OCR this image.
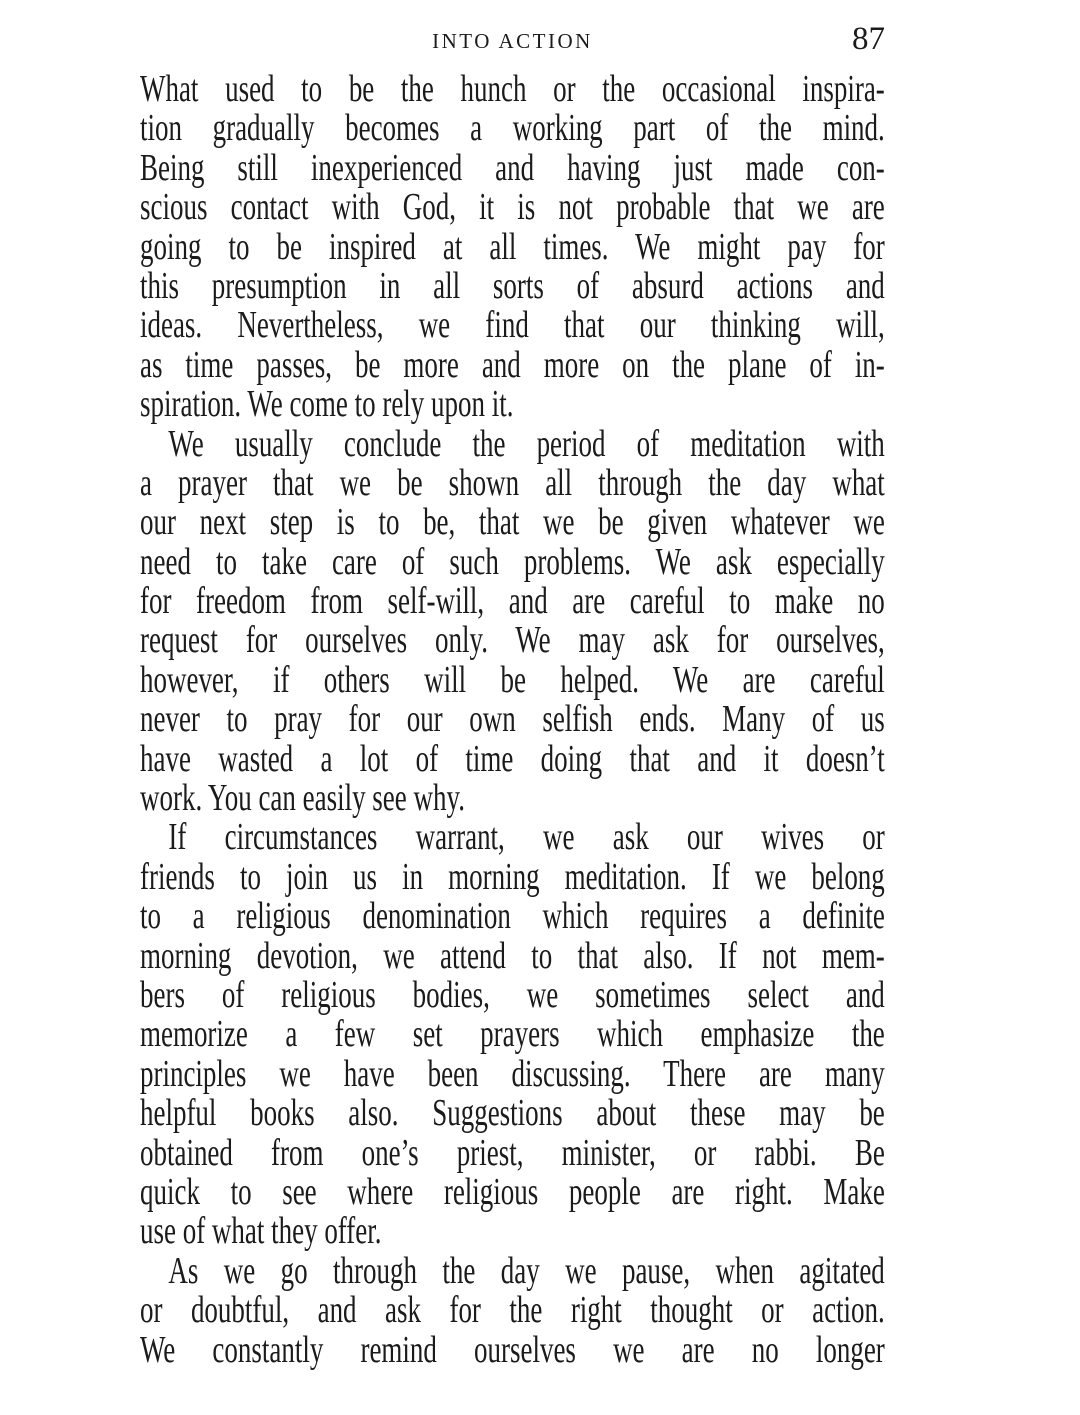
INTO ACTION	87
What used to be the hunch or the occasional inspira-
tion gradually becomes a working part of the mind.
Being still inexperienced and having just made con-
scious contact with God, it is not probable that we are
going to be inspired at all times. We might pay for
this presumption in all sorts of absurd actions and
ideas. Nevertheless, we find that our thinking will,
as time passes, be more and more on the plane of in-
spiration. We come to rely upon it.
We usually conclude the period of meditation with
a prayer that we be shown all through the day what
our next step is to be, that we be given whatever we
need to take care of such problems. We ask especially
for freedom from self-will, and are careful to make no
request for ourselves only. We may ask for ourselves,
however, if others will be helped. We are careful
never to pray for our own selfish ends. Many of us
have wasted a lot of time doing that and it doesn’t
work. You can easily see why.
If circumstances warrant, we ask our wives or
friends to join us in morning meditation. If we belong
to a religious denomination which requires a definite
morning devotion, we attend to that also. If not mem-
bers of religious bodies, we sometimes select and
memorize a few set prayers which emphasize the
principles we have been discussing. There are many
helpful books also. Suggestions about these may be
obtained from one’s priest, minister, or rabbi. Be
quick to see where religious people are right. Make
use of what they offer.
As we go through the day we pause, when agitated
or doubtful, and ask for the right thought or action.
We constantly remind ourselves we are no longer
